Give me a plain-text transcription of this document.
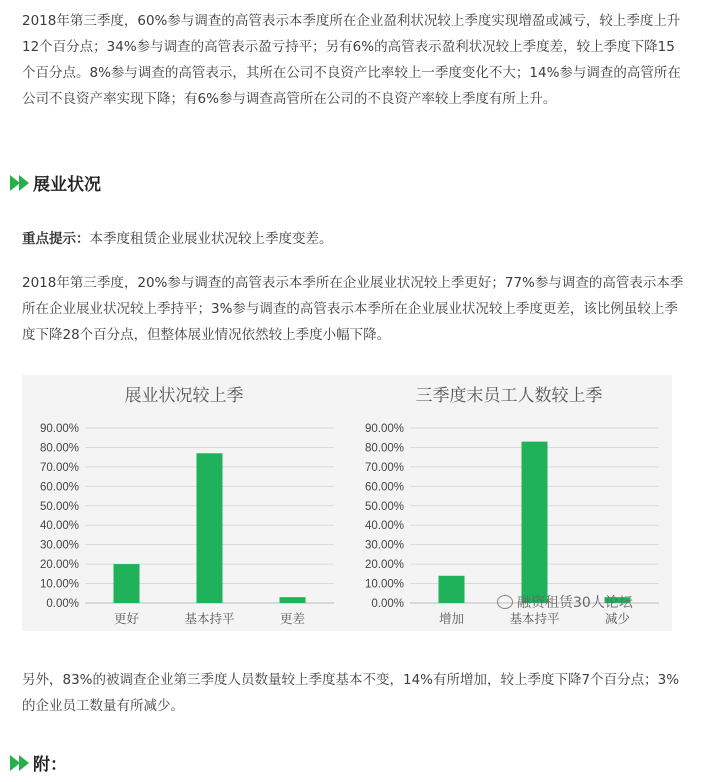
2018年第三季度，60%参与调查的高管表示本季度所在企业盈利状况较上季度实现增盈或减亏，较上季度上升12个百分点；34%参与调查的高管表示盈亏持平；另有6%的高管表示盈利状况较上季度差，较上季度下降15个百分点。8%参与调查的高管表示，其所在公司不良资产比率较上一季度变化不大；14%参与调查的高管所在公司不良资产率实现下降；有6%参与调查高管所在公司的不良资产率较上季度有所上升。

展业状况
重点提示：本季度租赁企业展业状况较上季度变差。

2018年第三季度，20%参与调查的高管表示本季所在企业展业状况较上季更好；77%参与调查的高管表示本季所在企业展业状况较上季持平；3%参与调查的高管表示本季所在企业展业状况较上季度更差，该比例虽较上季度下降28个百分点，但整体展业情况依然较上季度小幅下降。

展业状况较上季
0.00%
10.00%
20.00%
30.00%
40.00%
50.00%
60.00%
70.00%
80.00%
90.00%
更好	基本持平	更差
三季度末员工人数较上季
0.00%
10.00%
20.00%
30.00%
40.00%
50.00%
60.00%
70.00%
80.00%
90.00%
增加	基本持平	减少
融资租赁30人论坛

另外，83%的被调查企业第三季度人员数量较上季度基本不变，14%有所增加，较上季度下降7个百分点；3%的企业员工数量有所减少。

附：
